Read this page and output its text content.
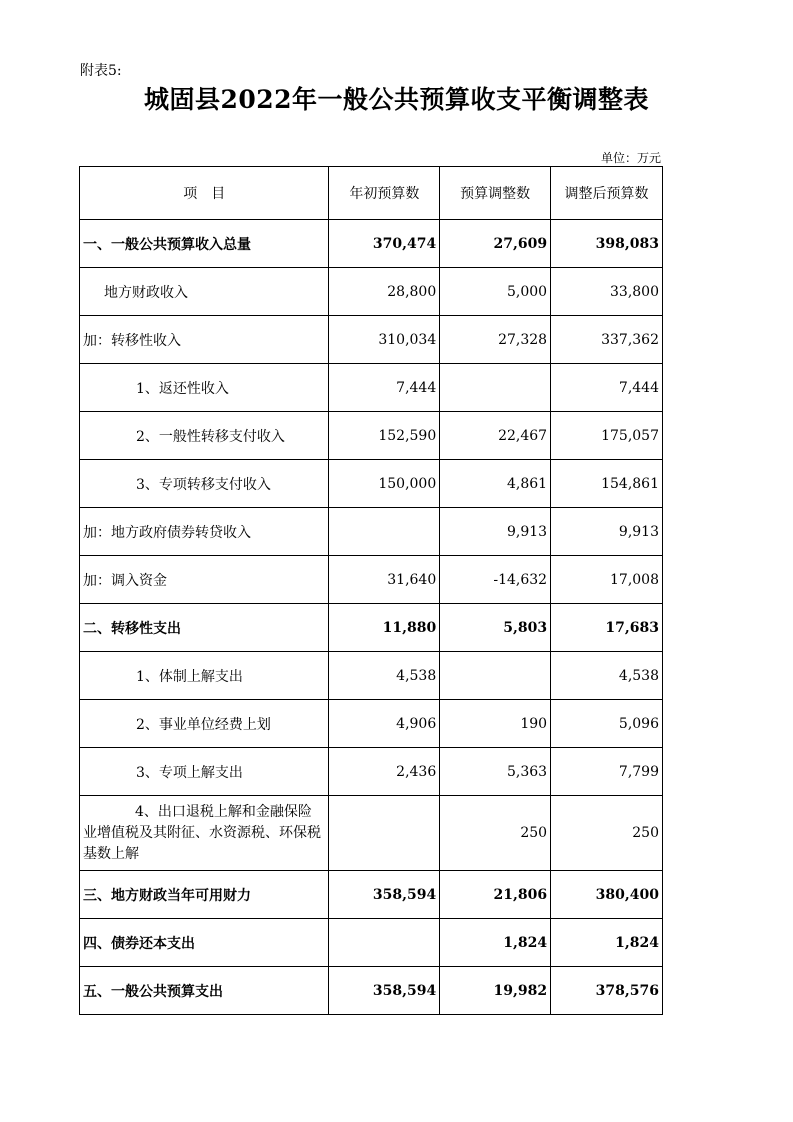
附表5:
城固县2022年一般公共预算收支平衡调整表
单位：万元
项　目	年初预算数	预算调整数	调整后预算数
一、一般公共预算收入总量	370,474	27,609	398,083
地方财政收入	28,800	5,000	33,800
加：转移性收入	310,034	27,328	337,362
1、返还性收入	7,444		7,444
2、一般性转移支付收入	152,590	22,467	175,057
3、专项转移支付收入	150,000	4,861	154,861
加：地方政府债券转贷收入		9,913	9,913
加：调入资金	31,640	-14,632	17,008
二、转移性支出	11,880	5,803	17,683
1、体制上解支出	4,538		4,538
2、事业单位经费上划	4,906	190	5,096
3、专项上解支出	2,436	5,363	7,799

4、出口退税上解和金融保险业增值税及其附征、水资源税、环保税基数上解		250	250
三、地方财政当年可用财力	358,594	21,806	380,400
四、债券还本支出		1,824	1,824
五、一般公共预算支出	358,594	19,982	378,576
